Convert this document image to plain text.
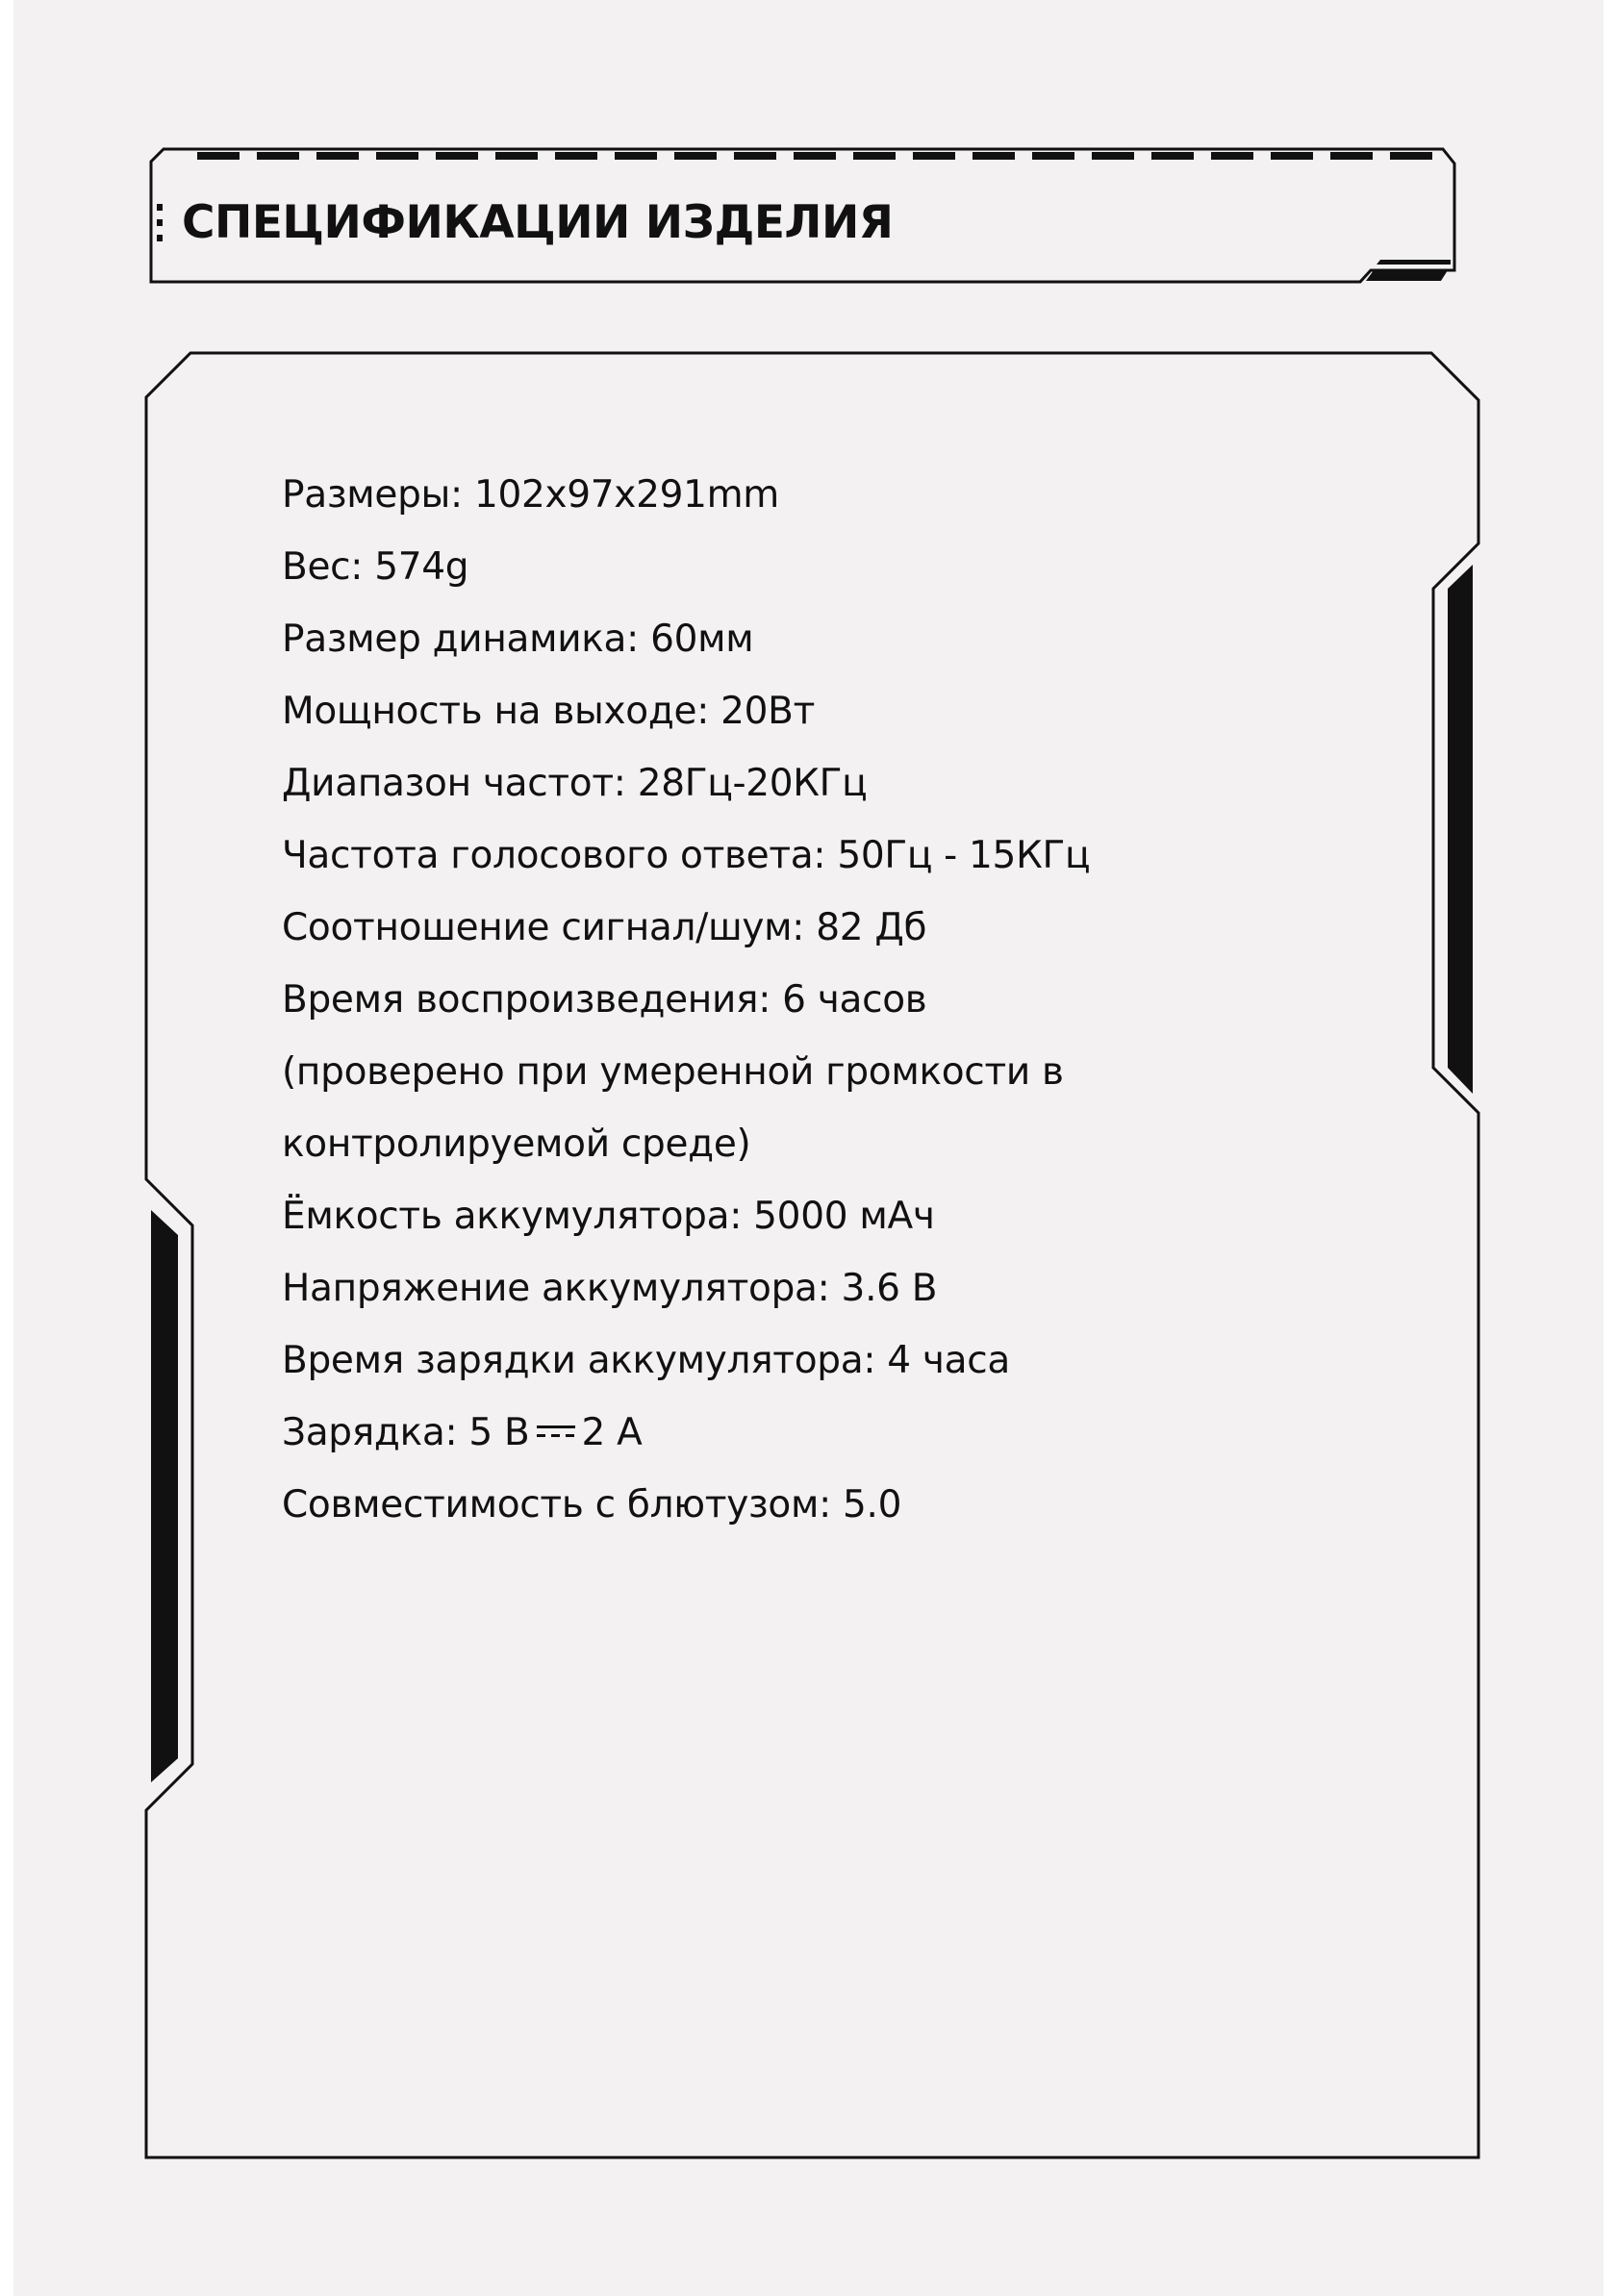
СПЕЦИФИКАЦИИ ИЗДЕЛИЯ
Размеры: 102x97x291mm
Вес: 574g
Размер динамика: 60мм
Мощность на выходе: 20Вт
Диапазон частот: 28Гц-20КГц
Частота голосового ответа: 50Гц - 15КГц
Соотношение сигнал/шум: 82 Дб
Время воспроизведения: 6 часов
(проверено при умеренной громкости в
контролируемой среде)
Ёмкость аккумулятора: 5000 мАч
Напряжение аккумулятора: 3.6 В
Время зарядки аккумулятора: 4 часа
Зарядка: 5 В 2 А
Совместимость с блютузом: 5.0
